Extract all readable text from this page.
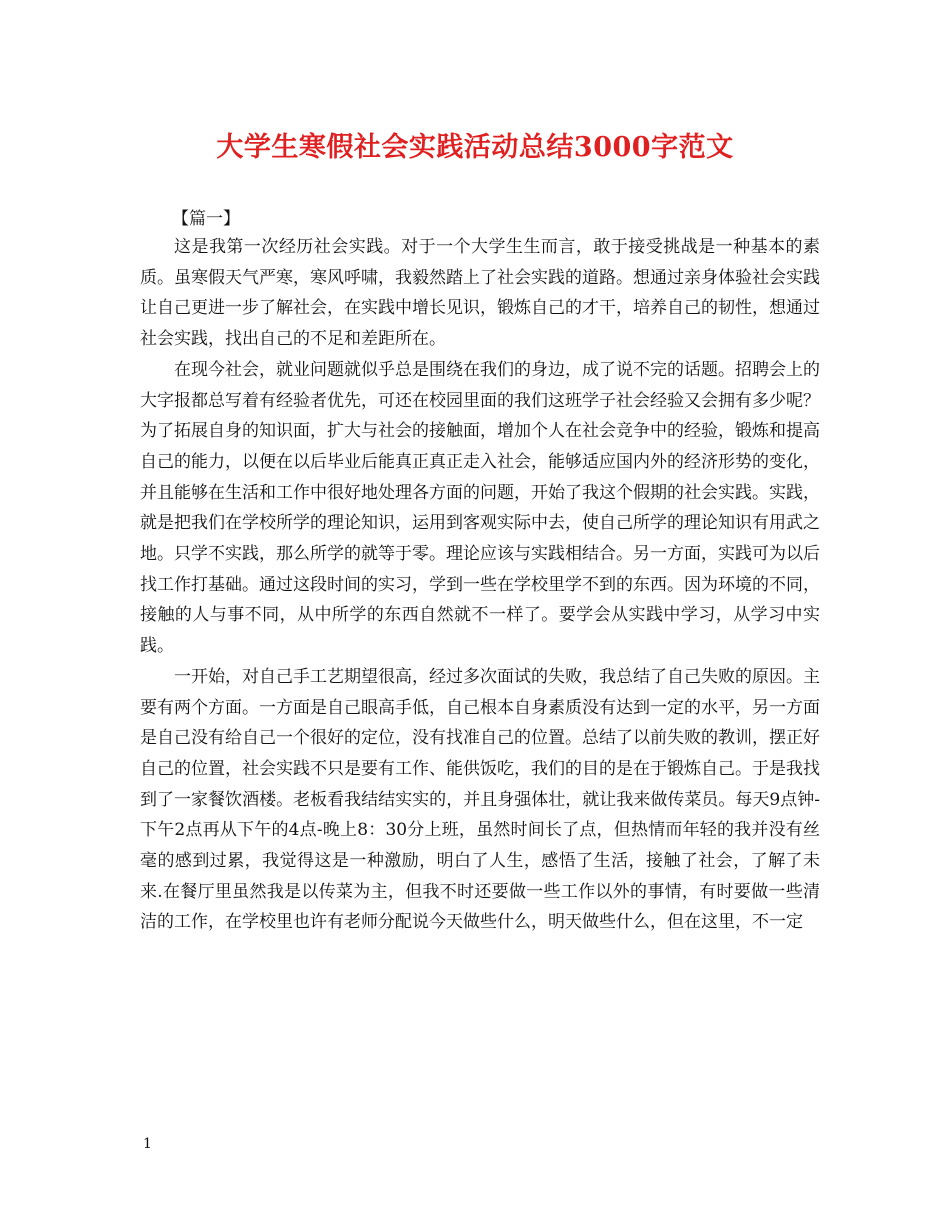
大学生寒假社会实践活动总结3000字范文
【篇一】

这是我第一次经历社会实践。对于一个大学生生而言，敢于接受挑战是一种基本的素质。虽寒假天气严寒，寒风呼啸，我毅然踏上了社会实践的道路。想通过亲身体验社会实践让自己更进一步了解社会，在实践中增长见识，锻炼自己的才干，培养自己的韧性，想通过社会实践，找出自己的不足和差距所在。

在现今社会，就业问题就似乎总是围绕在我们的身边，成了说不完的话题。招聘会上的大字报都总写着有经验者优先，可还在校园里面的我们这班学子社会经验又会拥有多少呢？为了拓展自身的知识面，扩大与社会的接触面，增加个人在社会竞争中的经验，锻炼和提高自己的能力，以便在以后毕业后能真正真正走入社会，能够适应国内外的经济形势的变化，并且能够在生活和工作中很好地处理各方面的问题，开始了我这个假期的社会实践。实践，就是把我们在学校所学的理论知识，运用到客观实际中去，使自己所学的理论知识有用武之地。只学不实践，那么所学的就等于零。理论应该与实践相结合。另一方面，实践可为以后找工作打基础。通过这段时间的实习，学到一些在学校里学不到的东西。因为环境的不同，接触的人与事不同，从中所学的东西自然就不一样了。要学会从实践中学习，从学习中实践。

一开始，对自己手工艺期望很高，经过多次面试的失败，我总结了自己失败的原因。主要有两个方面。一方面是自己眼高手低，自己根本自身素质没有达到一定的水平，另一方面是自己没有给自己一个很好的定位，没有找准自己的位置。总结了以前失败的教训，摆正好自己的位置，社会实践不只是要有工作、能供饭吃，我们的目的是在于锻炼自己。于是我找到了一家餐饮酒楼。老板看我结结实实的，并且身强体壮，就让我来做传菜员。每天9点钟-下午2点再从下午的4点-晚上8：30分上班，虽然时间长了点，但热情而年轻的我并没有丝毫的感到过累，我觉得这是一种激励，明白了人生，感悟了生活，接触了社会，了解了未来.在餐厅里虽然我是以传菜为主，但我不时还要做一些工作以外的事情，有时要做一些清洁的工作，在学校里也许有老师分配说今天做些什么，明天做些什么，但在这里，不一定

1
